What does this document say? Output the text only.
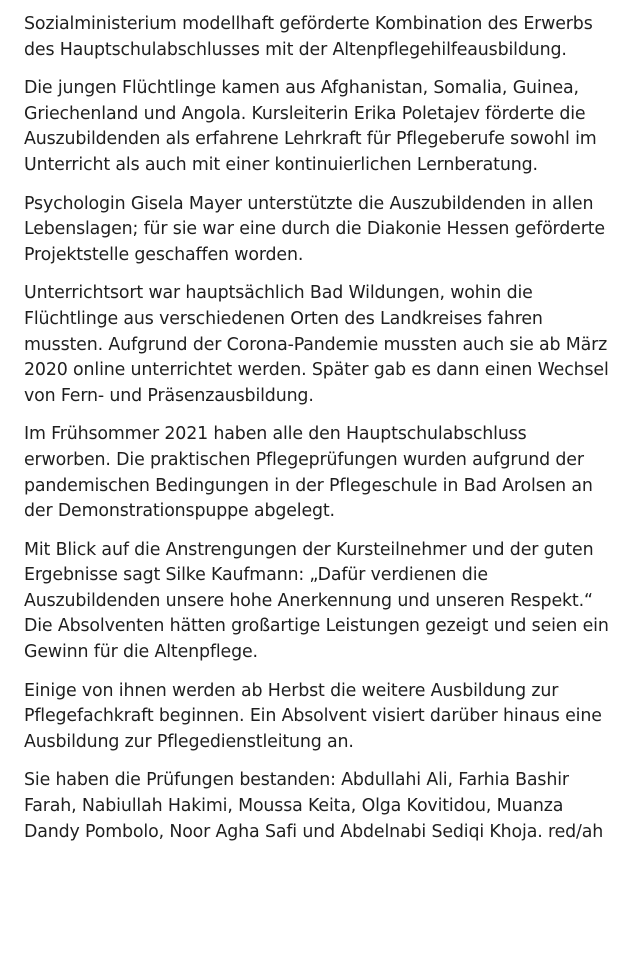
Sozialministerium modellhaft geförderte Kombination des Erwerbs des Hauptschulabschlusses mit der Altenpflegehilfeausbildung.

Die jungen Flüchtlinge kamen aus Afghanistan, Somalia, Guinea, Griechenland und Angola. Kursleiterin Erika Poletajev förderte die Auszubildenden als erfahrene Lehrkraft für Pflegeberufe sowohl im Unterricht als auch mit einer kontinuierlichen Lernberatung.

Psychologin Gisela Mayer unterstützte die Auszubildenden in allen Lebenslagen; für sie war eine durch die Diakonie Hessen geförderte Projektstelle geschaffen worden.

Unterrichtsort war hauptsächlich Bad Wildungen, wohin die Flüchtlinge aus verschiedenen Orten des Landkreises fahren mussten. Aufgrund der Corona-Pandemie mussten auch sie ab März 2020 online unterrichtet werden. Später gab es dann einen Wechsel von Fern- und Präsenzausbildung.

Im Frühsommer 2021 haben alle den Hauptschulabschluss erworben. Die praktischen Pflegeprüfungen wurden aufgrund der pandemischen Bedingungen in der Pflegeschule in Bad Arolsen an der Demonstrationspuppe abgelegt.

Mit Blick auf die Anstrengungen der Kursteilnehmer und der guten Ergebnisse sagt Silke Kaufmann: „Dafür verdienen die Auszubildenden unsere hohe Anerkennung und unseren Respekt.“ Die Absolventen hätten großartige Leistungen gezeigt und seien ein Gewinn für die Altenpflege.

Einige von ihnen werden ab Herbst die weitere Ausbildung zur Pflegefachkraft beginnen. Ein Absolvent visiert darüber hinaus eine Ausbildung zur Pflegedienstleitung an.

Sie haben die Prüfungen bestanden: Abdullahi Ali, Farhia Bashir Farah, Nabiullah Hakimi, Moussa Keita, Olga Kovitidou, Muanza Dandy Pombolo, Noor Agha Safi und Abdelnabi Sediqi Khoja. red/ah
